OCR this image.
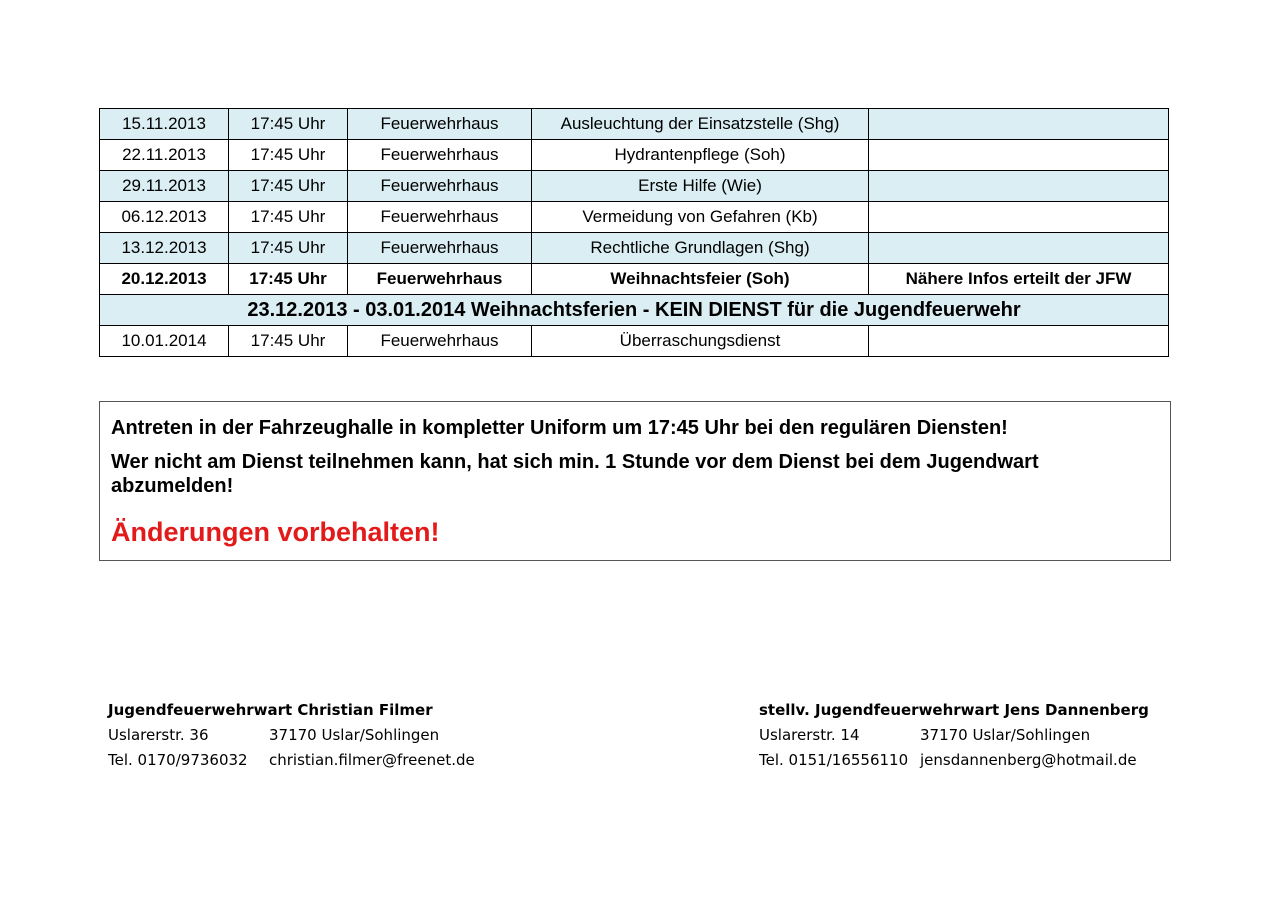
15.11.2013	17:45 Uhr	Feuerwehrhaus	Ausleuchtung der Einsatzstelle (Shg)	
22.11.2013	17:45 Uhr	Feuerwehrhaus	Hydrantenpflege (Soh)	
29.11.2013	17:45 Uhr	Feuerwehrhaus	Erste Hilfe (Wie)	
06.12.2013	17:45 Uhr	Feuerwehrhaus	Vermeidung von Gefahren (Kb)	
13.12.2013	17:45 Uhr	Feuerwehrhaus	Rechtliche Grundlagen (Shg)	
20.12.2013	17:45 Uhr	Feuerwehrhaus	Weihnachtsfeier (Soh)	Nähere Infos erteilt der JFW
23.12.2013 - 03.01.2014 Weihnachtsferien - KEIN DIENST für die Jugendfeuerwehr				
10.01.2014	17:45 Uhr	Feuerwehrhaus	Überraschungsdienst	

Antreten in der Fahrzeughalle in kompletter Uniform um 17:45 Uhr bei den regulären Diensten!

Wer nicht am Dienst teilnehmen kann, hat sich min. 1 Stunde vor dem Dienst bei dem Jugendwart abzumelden!

Änderungen vorbehalten!

Jugendfeuerwehrwart Christian Filmer
Uslarerstr. 36	37170 Uslar/Sohlingen
Tel. 0170/9736032	christian.filmer@freenet.de
stellv. Jugendfeuerwehrwart Jens Dannenberg
Uslarerstr. 14	37170 Uslar/Sohlingen
Tel. 0151/16556110 jensdannenberg@hotmail.de
